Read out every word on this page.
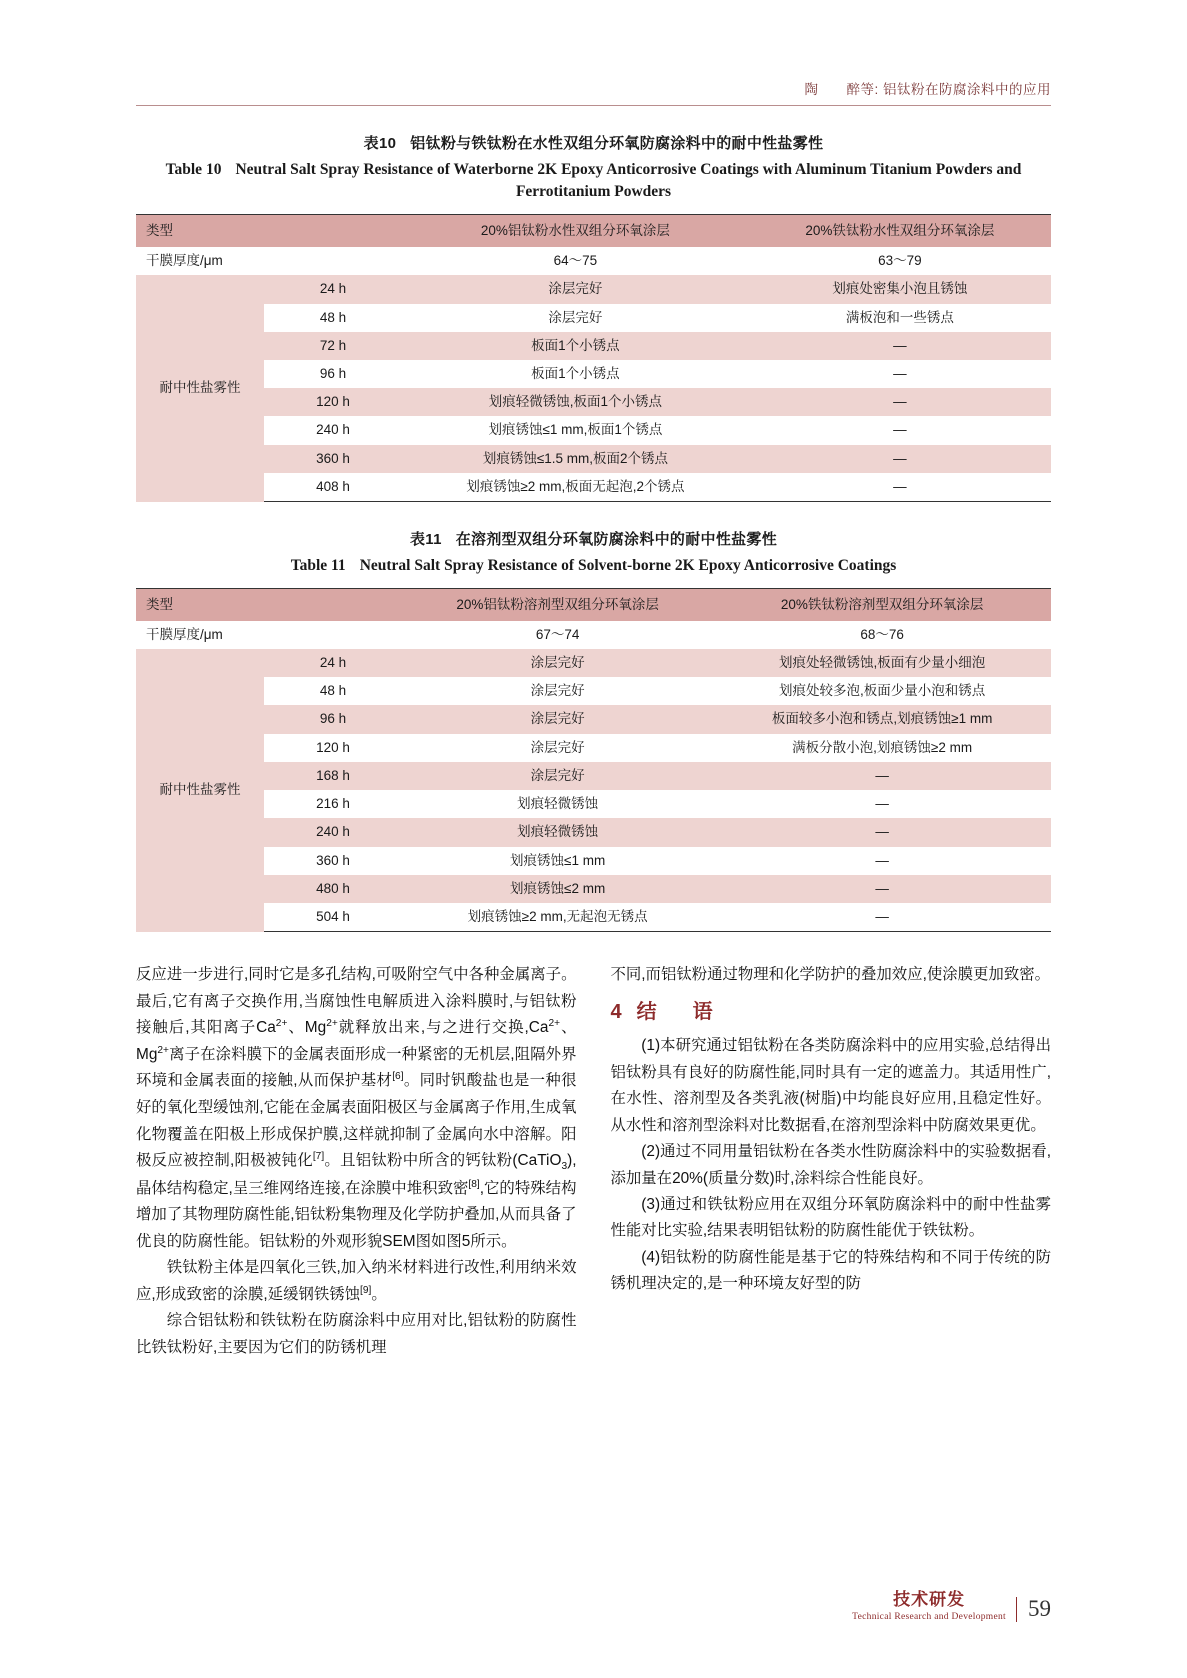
陶　　醉等: 铝钛粉在防腐涂料中的应用
表10 铝钛粉与铁钛粉在水性双组分环氧防腐涂料中的耐中性盐雾性
Table 10 Neutral Salt Spray Resistance of Waterborne 2K Epoxy Anticorrosive Coatings with Aluminum Titanium Powders and Ferrotitanium Powders
类型		20%铝钛粉水性双组分环氧涂层	20%铁钛粉水性双组分环氧涂层
干膜厚度/μm		64～75	63～79
耐中性盐雾性	24 h	涂层完好	划痕处密集小泡且锈蚀
	48 h	涂层完好	满板泡和一些锈点
	72 h	板面1个小锈点	—
	96 h	板面1个小锈点	—
	120 h	划痕轻微锈蚀,板面1个小锈点	—
	240 h	划痕锈蚀≤1 mm,板面1个锈点	—
	360 h	划痕锈蚀≤1.5 mm,板面2个锈点	—
	408 h	划痕锈蚀≥2 mm,板面无起泡,2个锈点	—
表11 在溶剂型双组分环氧防腐涂料中的耐中性盐雾性
Table 11 Neutral Salt Spray Resistance of Solvent-borne 2K Epoxy Anticorrosive Coatings
类型		20%铝钛粉溶剂型双组分环氧涂层	20%铁钛粉溶剂型双组分环氧涂层
干膜厚度/μm		67～74	68～76
耐中性盐雾性	24 h	涂层完好	划痕处轻微锈蚀,板面有少量小细泡
	48 h	涂层完好	划痕处较多泡,板面少量小泡和锈点
	96 h	涂层完好	板面较多小泡和锈点,划痕锈蚀≥1 mm
	120 h	涂层完好	满板分散小泡,划痕锈蚀≥2 mm
	168 h	涂层完好	—
	216 h	划痕轻微锈蚀	—
	240 h	划痕轻微锈蚀	—
	360 h	划痕锈蚀≤1 mm	—
	480 h	划痕锈蚀≤2 mm	—
	504 h	划痕锈蚀≥2 mm,无起泡无锈点	—

反应进一步进行,同时它是多孔结构,可吸附空气中各种金属离子。最后,它有离子交换作用,当腐蚀性电解质进入涂料膜时,与铝钛粉接触后,其阳离子$Ca^{2+}$、$Mg^{2+}$就释放出来,与之进行交换$,Ca^{2+}$、$Mg^{2+}$离子在涂料膜下的金属表面形成一种紧密的无机层,阻隔外界环境和金属表面的接触,从而保护基材[6]。同时钒酸盐也是一种很好的氧化型缓蚀剂,它能在金属表面阳极区与金属离子作用,生成氧化物覆盖在阳极上形成保护膜,这样就抑制了金属向水中溶解。阳极反应被控制,阳极被钝化[7]。且铝钛粉中所含的钙钛粉(CaTiO$_3$),晶体结构稳定,呈三维网络连接,在涂膜中堆积致密[8],它的特殊结构增加了其物理防腐性能,铝钛粉集物理及化学防护叠加,从而具备了优良的防腐性能。铝钛粉的外观形貌SEM图如图5所示。

铁钛粉主体是四氧化三铁,加入纳米材料进行改性,利用纳米效应,形成致密的涂膜,延缓钢铁锈蚀[9]。

综合铝钛粉和铁钛粉在防腐涂料中应用对比,铝钛粉的防腐性比铁钛粉好,主要因为它们的防锈机理

不同,而铝钛粉通过物理和化学防护的叠加效应,使涂膜更加致密。

4 结　语

(1)本研究通过铝钛粉在各类防腐涂料中的应用实验,总结得出铝钛粉具有良好的防腐性能,同时具有一定的遮盖力。其适用性广,在水性、溶剂型及各类乳液(树脂)中均能良好应用,且稳定性好。从水性和溶剂型涂料对比数据看,在溶剂型涂料中防腐效果更优。

(2)通过不同用量铝钛粉在各类水性防腐涂料中的实验数据看,添加量在20%(质量分数)时,涂料综合性能良好。

(3)通过和铁钛粉应用在双组分环氧防腐涂料中的耐中性盐雾性能对比实验,结果表明铝钛粉的防腐性能优于铁钛粉。

(4)铝钛粉的防腐性能是基于它的特殊结构和不同于传统的防锈机理决定的,是一种环境友好型的防

技术研发
Technical Research and Development 59
